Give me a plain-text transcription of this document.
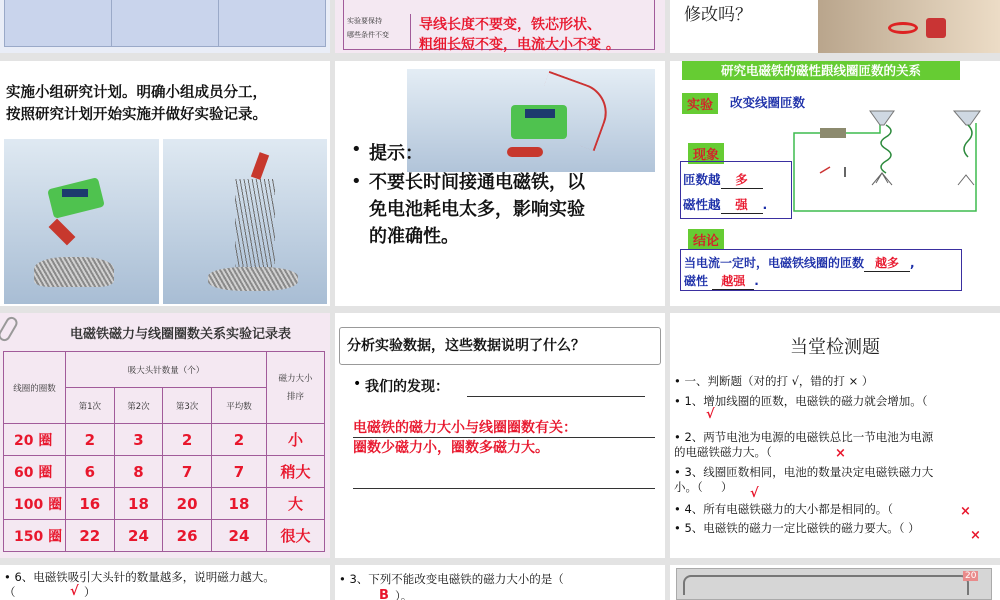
实验要保持
哪些条件不变
导线长度不要变，铁芯形状、
粗细长短不变，电流大小不变 。
修改吗？
实施小组研究计划。明确小组成员分工，
按照研究计划开始实施并做好实验记录。
• 提示：
• 不要长时间接通电磁铁，以
免电池耗电太多，影响实验
的准确性。
研究电磁铁的磁性跟线圈匝数的关系
实验	改变线圈匝数
现象
匝数越 多
磁性越 强 .
结论
当电流一定时，电磁铁线圈的匝数 越多 ,
磁性 越强 .
电磁铁磁力与线圈圈数关系实验记录表
线圈的圈数	吸大头针数量（个）				磁力大小
排序
	第1次	第2次	第3次	平均数	
20 圈	2	3	2	2	小
60 圈	6	8	7	7	稍大
100 圈	16	18	20	18	大
150 圈	22	24	26	24	很大
分析实验数据，这些数据说明了什么？
• 我们的发现：
电磁铁的磁力大小与线圈圈数有关：
圈数少磁力小，圈数多磁力大。
当堂检测题
• 一、判断题（对的打 √，错的打 × ）
• 1、增加线圈的匝数，电磁铁的磁力就会增加。（
√
• 2、两节电池为电源的电磁铁总比一节电池为电源
的电磁铁磁力大。（	×
• 3、线圈匝数相同，电池的数量决定电磁铁磁力大
小。（     ）	√
• 4、所有电磁铁磁力的大小都是相同的。（	×
• 5、电磁铁的磁力一定比磁铁的磁力要大。（ ）	×
• 6、电磁铁吸引大头针的数量越多，说明磁力越大。
（	√ ）
• 3、下列不能改变电磁铁的磁力大小的是（
B ）。
20
